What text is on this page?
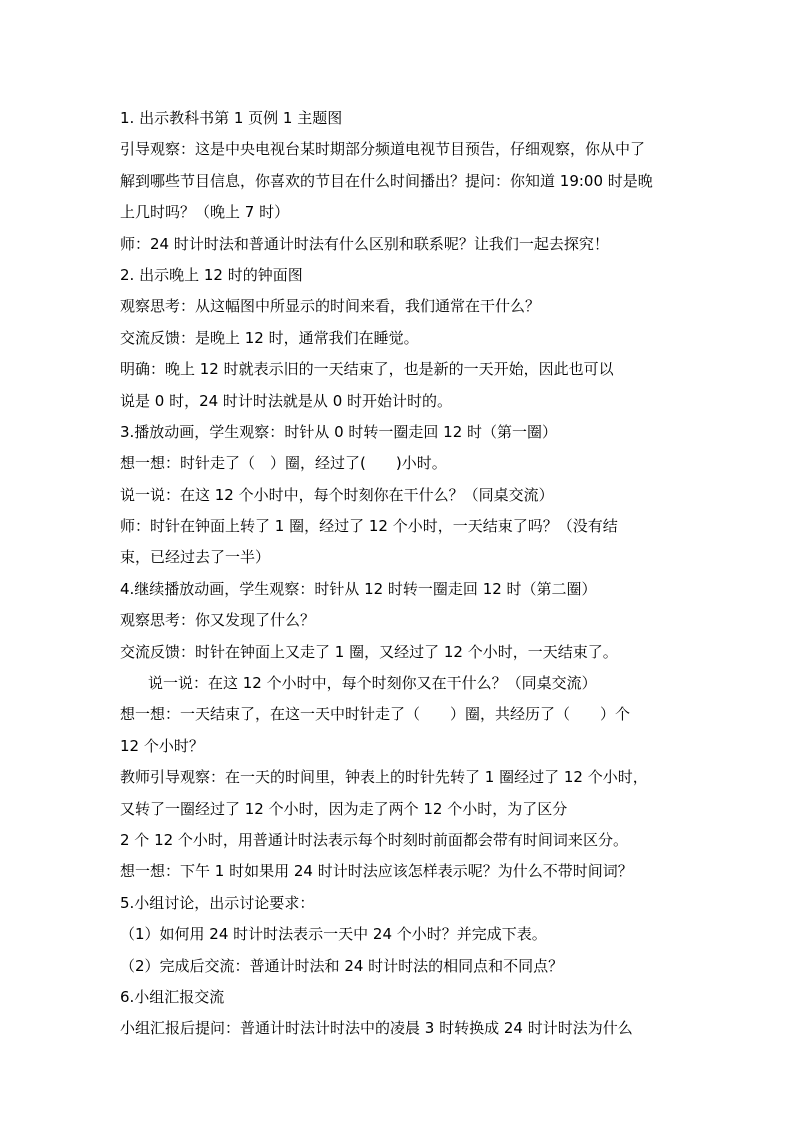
1. 出示教科书第 1 页例 1 主题图
引导观察：这是中央电视台某时期部分频道电视节目预告，仔细观察，你从中了
解到哪些节目信息，你喜欢的节目在什么时间播出？提问：你知道 19:00 时是晚
上几时吗？（晚上 7 时）
师：24 时计时法和普通计时法有什么区别和联系呢？让我们一起去探究！
2. 出示晚上 12 时的钟面图
观察思考：从这幅图中所显示的时间来看，我们通常在干什么？
交流反馈：是晚上 12 时，通常我们在睡觉。
明确：晚上 12 时就表示旧的一天结束了，也是新的一天开始，因此也可以
说是 0 时，24 时计时法就是从 0 时开始计时的。
3.播放动画，学生观察：时针从 0 时转一圈走回 12 时（第一圈）
想一想：时针走了（　）圈，经过了(　　)小时。
说一说：在这 12 个小时中，每个时刻你在干什么？（同桌交流）
师：时针在钟面上转了 1 圈，经过了 12 个小时，一天结束了吗？（没有结
束，已经过去了一半）
4.继续播放动画，学生观察：时针从 12 时转一圈走回 12 时（第二圈）
观察思考：你又发现了什么？
交流反馈：时针在钟面上又走了 1 圈，又经过了 12 个小时，一天结束了。
说一说：在这 12 个小时中，每个时刻你又在干什么？（同桌交流）
想一想：一天结束了，在这一天中时针走了（　　）圈，共经历了（　　）个
12 个小时？
教师引导观察：在一天的时间里，钟表上的时针先转了 1 圈经过了 12 个小时，
又转了一圈经过了 12 个小时，因为走了两个 12 个小时，为了区分
2 个 12 个小时，用普通计时法表示每个时刻时前面都会带有时间词来区分。
想一想：下午 1 时如果用 24 时计时法应该怎样表示呢？为什么不带时间词？
5.小组讨论，出示讨论要求：
（1）如何用 24 时计时法表示一天中 24 个小时？并完成下表。
（2）完成后交流：普通计时法和 24 时计时法的相同点和不同点？
6.小组汇报交流
小组汇报后提问：普通计时法计时法中的凌晨 3 时转换成 24 时计时法为什么
